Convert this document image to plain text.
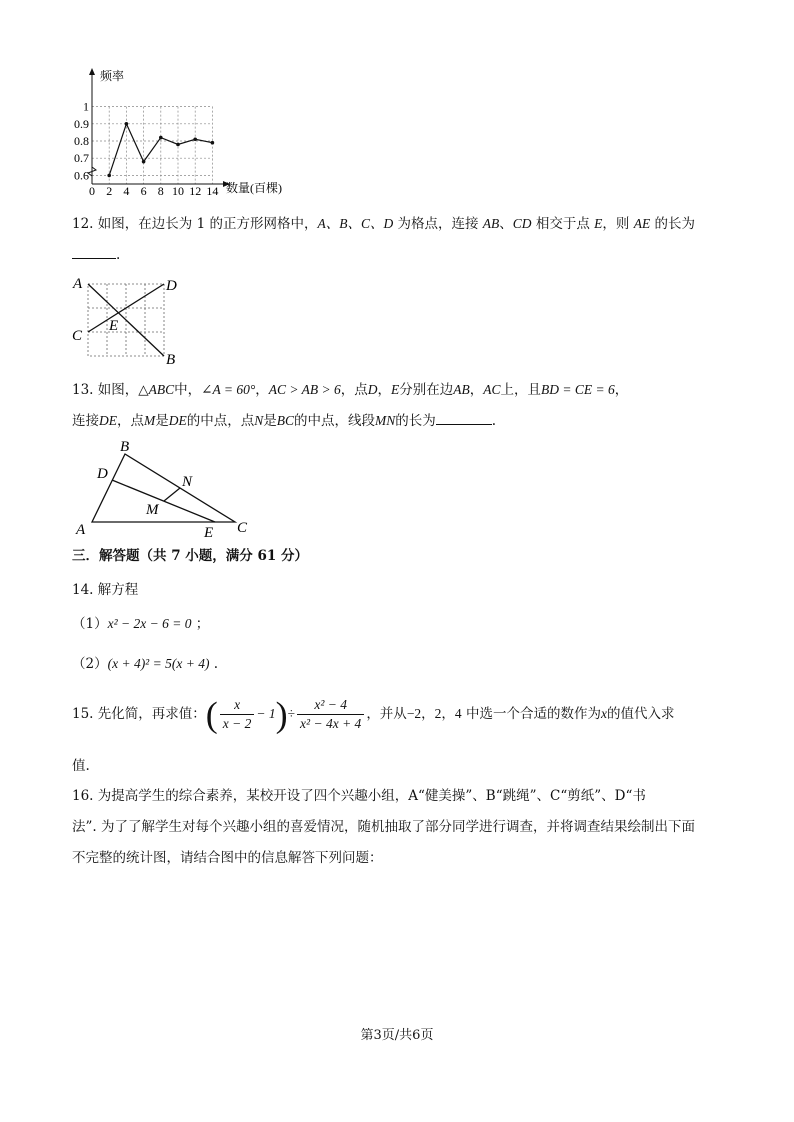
频率
数量(百棵)
0 2 4 6 8 10 12 14
0.6
0.7
0.8
0.9
1
12. 如图，在边长为 1 的正方形网格中，A、B、C、D 为格点，连接 AB、CD 相交于点 E，则 AE 的长为
.
A	D
C
B
E
13. 如图，△ABC中，∠A = 60°，AC > AB > 6，点D，E分别在边AB，AC上，且BD = CE = 6，
连接DE，点M是DE的中点，点N是BC的中点，线段MN的长为	.
B
D	N
M
A	E C
三．解答题（共 7 小题，满分 61 分）
14. 解方程
（1）x² − 2x − 6 = 0 ；
（2）(x + 4)² = 5(x + 4) .
15. 先化简，再求值：( $\frac{x}{x - 2} - 1)\div \frac{\text{x² − 4}}{\text{x² − 4x + 4}}$ ，并从−2，2，4 中选一个合适的数作为x的值代入求
值.
16. 为提高学生的综合素养，某校开设了四个兴趣小组，A“健美操”、B“跳绳”、C“剪纸”、D“书
法”. 为了了解学生对每个兴趣小组的喜爱情况，随机抽取了部分同学进行调查，并将调查结果绘制出下面
不完整的统计图，请结合图中的信息解答下列问题：
第3页/共6页
